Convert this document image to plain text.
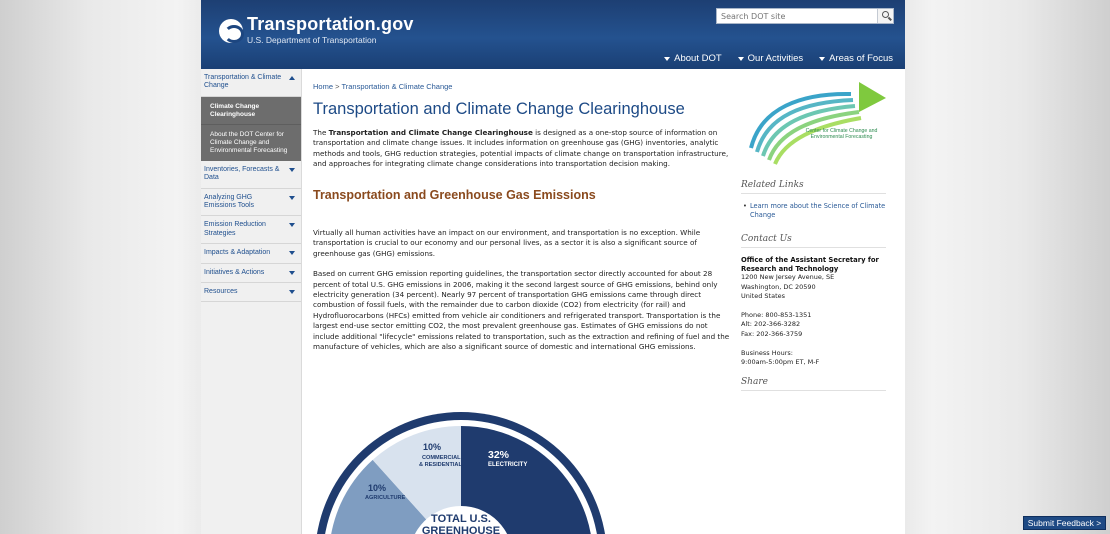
Transportation.gov
U.S. Department of Transportation
Search DOT site
About DOT	Our Activities	Areas of Focus
Transportation & Climate Change
Climate Change Clearinghouse
About the DOT Center for Climate Change and Environmental Forecasting
Inventories, Forecasts & Data
Analyzing GHG Emissions Tools
Emission Reduction Strategies
Impacts & Adaptation
Initiatives & Actions
Resources
Home > Transportation & Climate Change
Transportation and Climate Change Clearinghouse

The Transportation and Climate Change Clearinghouse is designed as a one-stop source of information on transportation and climate change issues. It includes information on greenhouse gas (GHG) inventories, analytic methods and tools, GHG reduction strategies, potential impacts of climate change on transportation infrastructure, and approaches for integrating climate change considerations into transportation decision making.

Transportation and Greenhouse Gas Emissions

Virtually all human activities have an impact on our environment, and transportation is no exception. While transportation is crucial to our economy and our personal lives, as a sector it is also a significant source of greenhouse gas (GHG) emissions.

Based on current GHG emission reporting guidelines, the transportation sector directly accounted for about 28 percent of total U.S. GHG emissions in 2006, making it the second largest source of GHG emissions, behind only electricity generation (34 percent). Nearly 97 percent of transportation GHG emissions came through direct combustion of fossil fuels, with the remainder due to carbon dioxide (CO2) from electricity (for rail) and Hydrofluorocarbons (HFCs) emitted from vehicle air conditioners and refrigerated transport. Transportation is the largest end-use sector emitting CO2, the most prevalent greenhouse gas. Estimates of GHG emissions do not include additional "lifecycle" emissions related to transportation, such as the extraction and refining of fuel and the manufacture of vehicles, which are also a significant source of domestic and international GHG emissions.

32%
ELECTRICITY
10%
COMMERCIAL
& RESIDENTIAL
10%
AGRICULTURE
TOTAL U.S.
GREENHOUSE
Center for Climate Change and Environmental Forecasting
Related Links
• Learn more about the Science of Climate Change
Contact Us
Office of the Assistant Secretary for Research and Technology
1200 New Jersey Avenue, SE
Washington, DC 20590
United States
Phone: 800-853-1351
Alt: 202-366-3282
Fax: 202-366-3759
Business Hours:
9:00am-5:00pm ET, M-F
Share
Submit Feedback >
